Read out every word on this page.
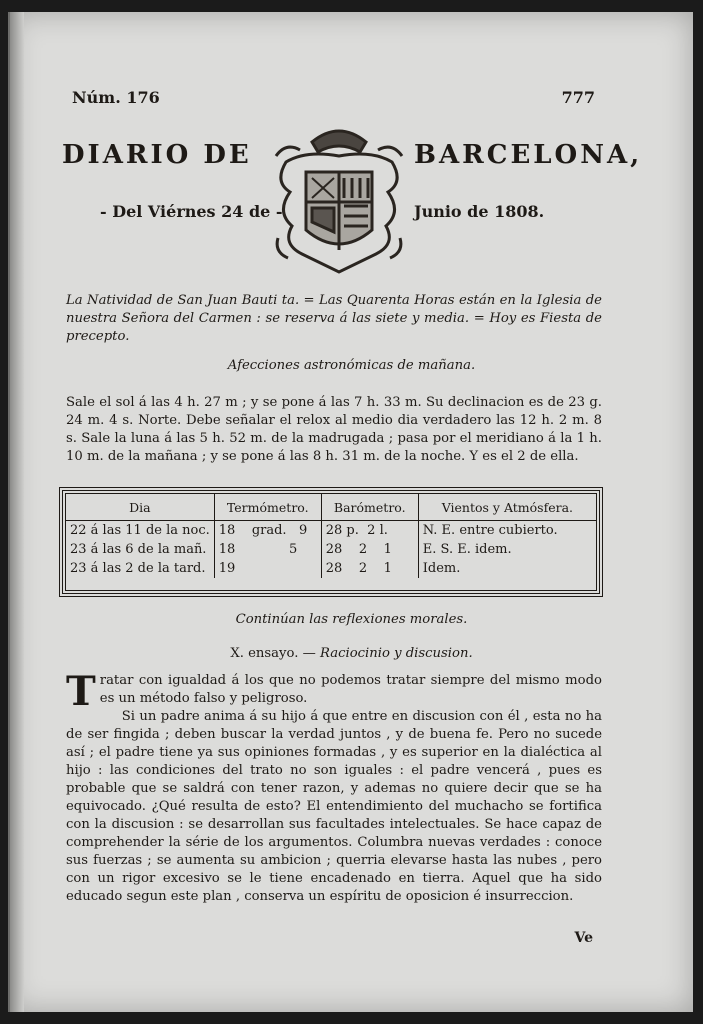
Núm. 176	777
DIARIO DE	BARCELONA,
- Del Viérnes 24 de -	Junio de 1808.
La Natividad de San Juan Bauti ta. = Las Quarenta Horas están en la Iglesia de nuestra Señora del Carmen : se reserva á las siete y media. = Hoy es Fiesta de precepto.
Afecciones astronómicas de mañana.
Sale el sol á las 4 h. 27 m ; y se pone á las 7 h. 33 m. Su declinacion es de 23 g. 24 m. 4 s. Norte. Debe señalar el relox al medio dia verdadero las 12 h. 2 m. 8 s. Sale la luna á las 5 h. 52 m. de la madrugada ; pasa por el meridiano á la 1 h. 10 m. de la mañana ; y se pone á las 8 h. 31 m. de la noche. Y es el 2 de ella.
Dia	Termómetro.	Barómetro.	Vientos y Atmósfera.
22 á las 11 de la noc.	18 grad. 9	28 p. 2 l.	N. E. entre cubierto.
23 á las 6 de la mañ.	18 5	28 2 1	E. S. E. idem.
23 á las 2 de la tard.	19	28 2 1	Idem.
Continúan las reflexiones morales.
X. ensayo. — Raciocinio y discusion.
T ratar con igualdad á los que no podemos tratar siempre del mismo modo es un método falso y peligroso.

Si un padre anima á su hijo á que entre en discusion con él , esta no ha de ser fingida ; deben buscar la verdad juntos , y de buena fe. Pero no sucede así ; el padre tiene ya sus opiniones formadas , y es superior en la dialéctica al hijo : las condiciones del trato no son iguales : el padre vencerá , pues es probable que se saldrá con tener razon, y ademas no quiere decir que se ha equivocado. ¿Qué resulta de esto? El entendimiento del muchacho se fortifica con la discusion : se desarrollan sus facultades intelectuales. Se hace capaz de comprehender la série de los argumentos. Columbra nuevas verdades : conoce sus fuerzas ; se aumenta su ambicion ; querria elevarse hasta las nubes , pero con un rigor excesivo se le tiene encadenado en tierra. Aquel que ha sido educado segun este plan , conserva un espíritu de oposicion é insurreccion.

Ve
